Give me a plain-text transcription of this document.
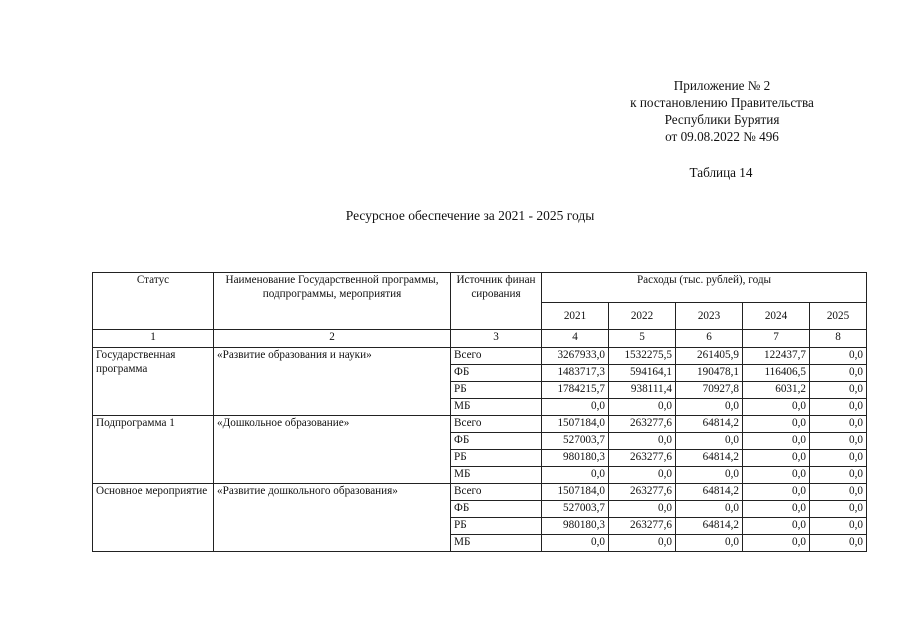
Приложение № 2
к постановлению Правительства
Республики Бурятия
от 09.08.2022 № 496
Таблица 14
Ресурсное обеспечение за 2021 - 2025 годы
Статус	Наименование Государственной программы, подпрограммы, мероприятия	Источник финансирования	Расходы (тыс. рублей), годы				
			2021	2022	2023	2024	2025
1	2	3	4	5	6	7	8
Государственная программа	«Развитие образования и науки»	Всего	3267933,0	1532275,5	261405,9	122437,7	0,0
		ФБ	1483717,3	594164,1	190478,1	116406,5	0,0
		РБ	1784215,7	938111,4	70927,8	6031,2	0,0
		МБ	0,0	0,0	0,0	0,0	0,0
Подпрограмма 1	«Дошкольное образование»	Всего	1507184,0	263277,6	64814,2	0,0	0,0
		ФБ	527003,7	0,0	0,0	0,0	0,0
		РБ	980180,3	263277,6	64814,2	0,0	0,0
		МБ	0,0	0,0	0,0	0,0	0,0
Основное мероприятие	«Развитие дошкольного образования»	Всего	1507184,0	263277,6	64814,2	0,0	0,0
		ФБ	527003,7	0,0	0,0	0,0	0,0
		РБ	980180,3	263277,6	64814,2	0,0	0,0
		МБ	0,0	0,0	0,0	0,0	0,0
